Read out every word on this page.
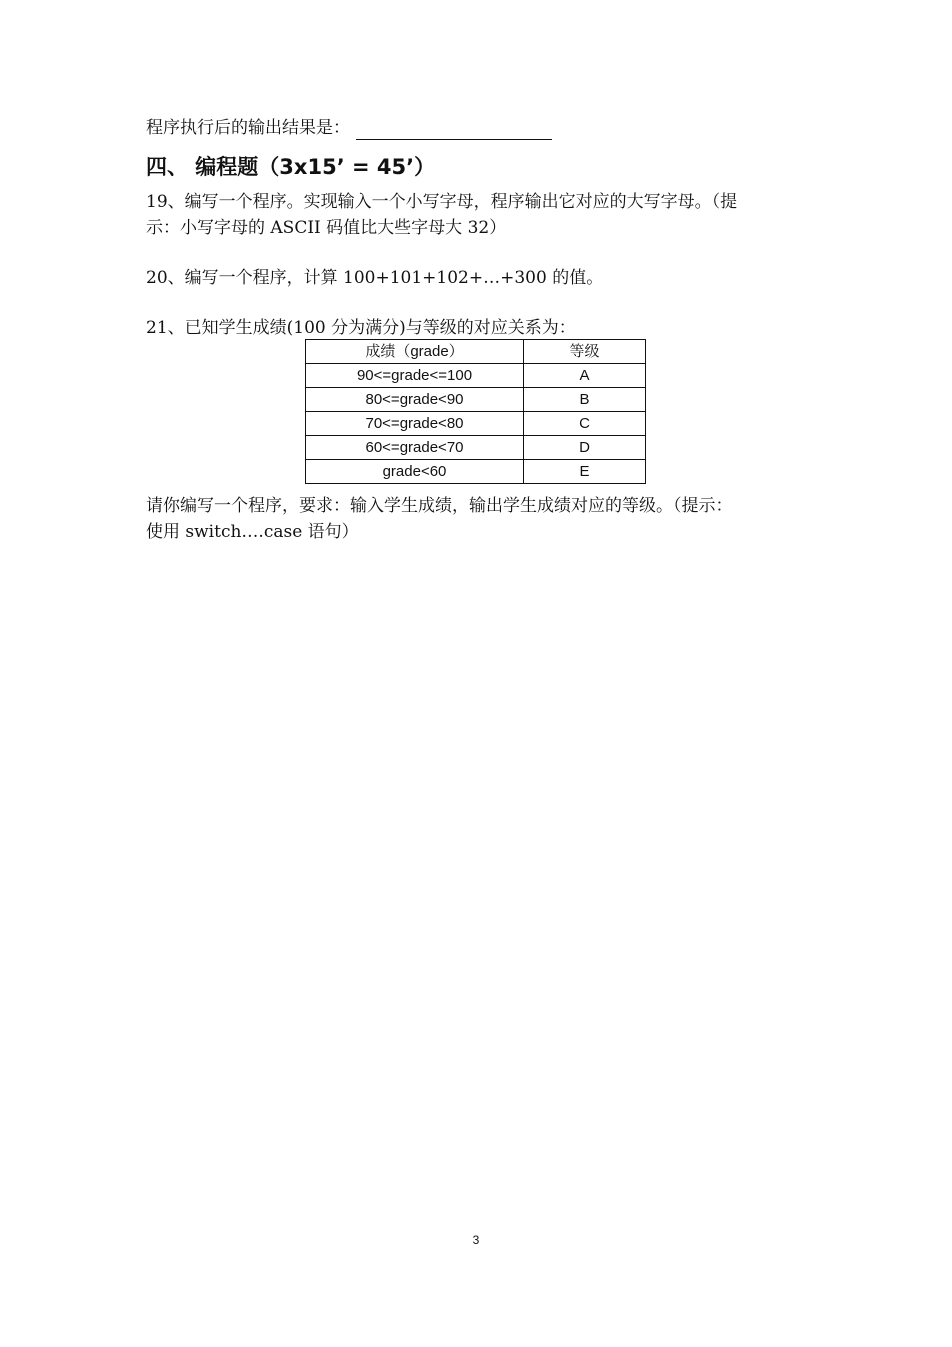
程序执行后的输出结果是：
四、 编程题（3x15’ = 45’）
19、编写一个程序。实现输入一个小写字母，程序输出它对应的大写字母。（提
示：小写字母的 ASCII 码值比大些字母大 32）
20、编写一个程序，计算 100+101+102+…+300 的值。
21、已知学生成绩(100 分为满分)与等级的对应关系为：
成绩（grade）	等级
90<=grade<=100	A
80<=grade<90	B
70<=grade<80	C
60<=grade<70	D
grade<60	E
请你编写一个程序，要求：输入学生成绩，输出学生成绩对应的等级。（提示：
使用 switch….case 语句）
3
